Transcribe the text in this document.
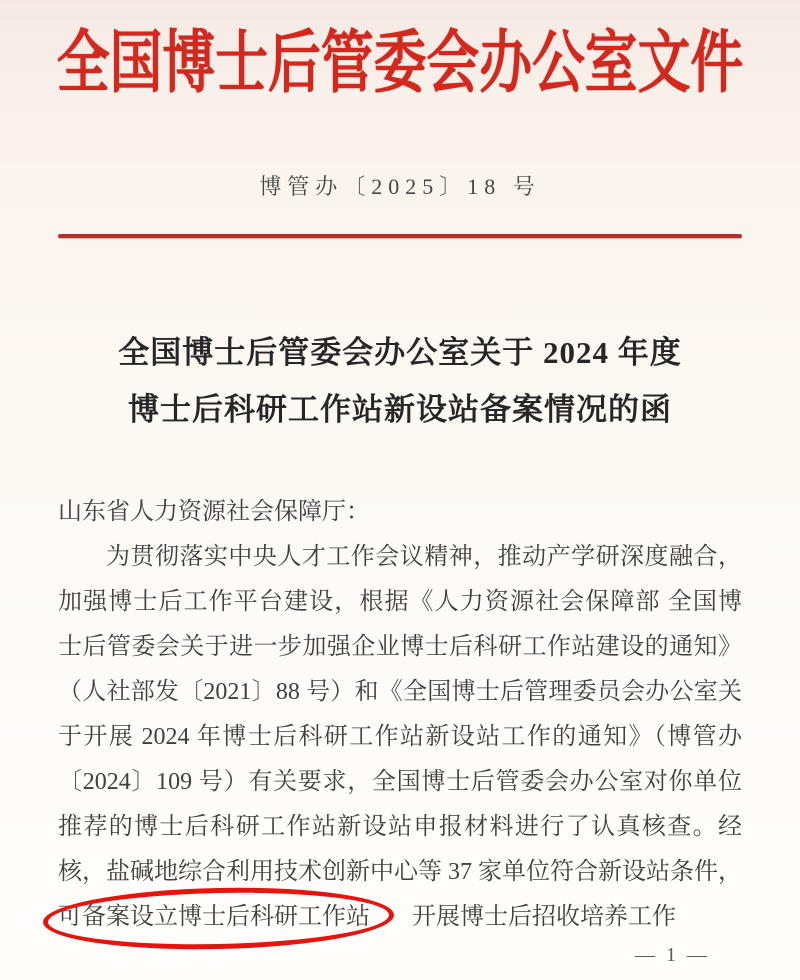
全国博士后管委会办公室文件
博管办〔2025〕18 号
全国博士后管委会办公室关于 2024 年度
博士后科研工作站新设站备案情况的函
山东省人力资源社会保障厅：
为贯彻落实中央人才工作会议精神，推动产学研深度融合，
加强博士后工作平台建设，根据《人力资源社会保障部 全国博
士后管委会关于进一步加强企业博士后科研工作站建设的通知》
（人社部发〔2021〕88 号）和《全国博士后管理委员会办公室关
于开展 2024 年博士后科研工作站新设站工作的通知》（博管办
〔2024〕109 号）有关要求，全国博士后管委会办公室对你单位
推荐的博士后科研工作站新设站申报材料进行了认真核查。经
核，盐碱地综合利用技术创新中心等 37 家单位符合新设站条件，
可备案设立博士后科研工作站 开展博士后招收培养工作
— 1 —
